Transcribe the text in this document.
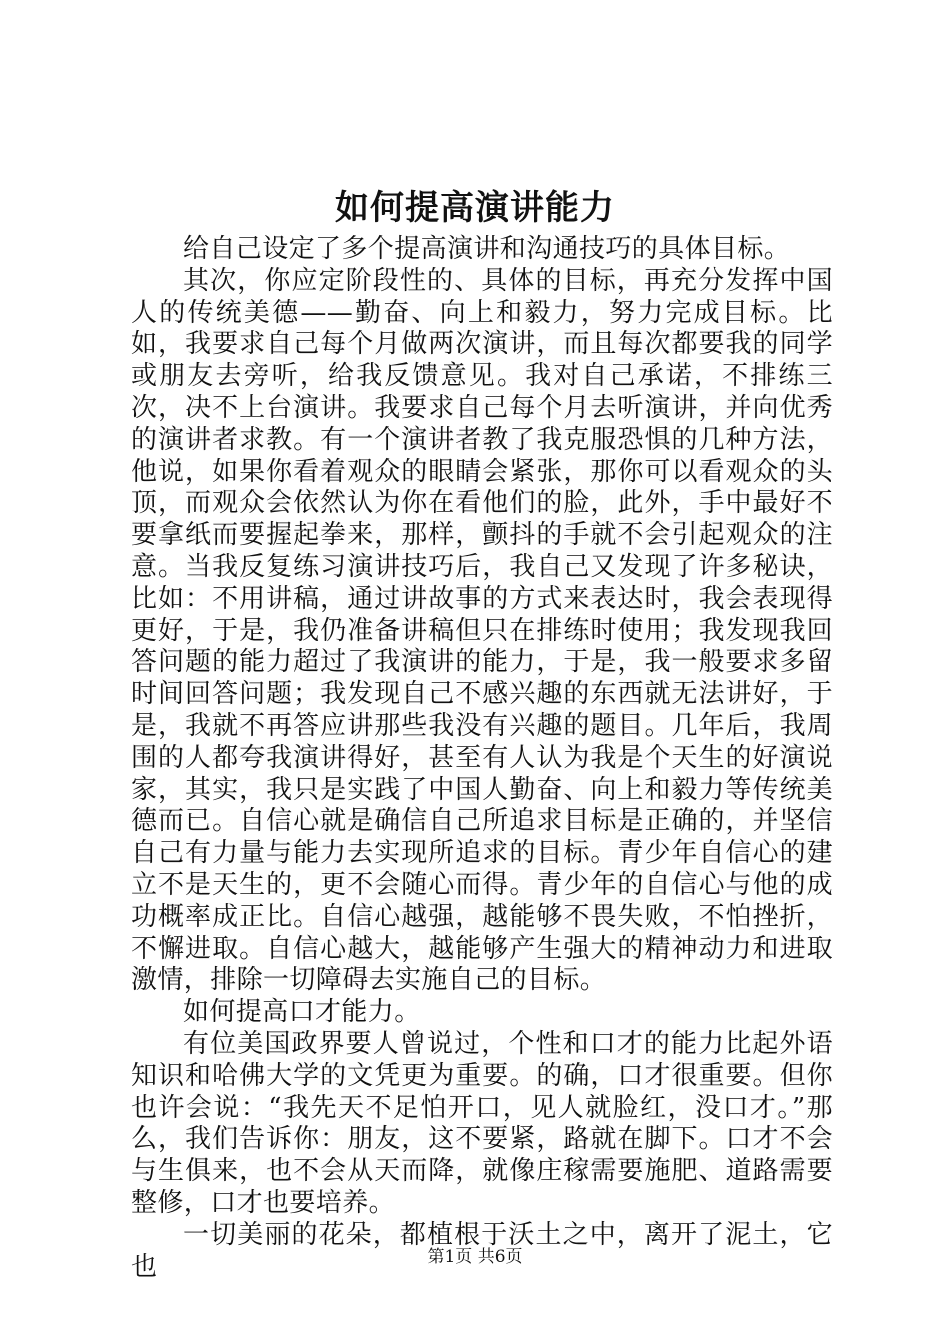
如何提高演讲能力

给自己设定了多个提高演讲和沟通技巧的具体目标。

其次，你应定阶段性的、具体的目标，再充分发挥中国人的传统美德——勤奋、向上和毅力，努力完成目标。比如，我要求自己每个月做两次演讲，而且每次都要我的同学或朋友去旁听，给我反馈意见。我对自己承诺，不排练三次，决不上台演讲。我要求自己每个月去听演讲，并向优秀的演讲者求教。有一个演讲者教了我克服恐惧的几种方法，他说，如果你看着观众的眼睛会紧张，那你可以看观众的头顶，而观众会依然认为你在看他们的脸，此外，手中最好不要拿纸而要握起拳来，那样，颤抖的手就不会引起观众的注意。当我反复练习演讲技巧后，我自己又发现了许多秘诀，比如：不用讲稿，通过讲故事的方式来表达时，我会表现得更好，于是，我仍准备讲稿但只在排练时使用；我发现我回答问题的能力超过了我演讲的能力，于是，我一般要求多留时间回答问题；我发现自己不感兴趣的东西就无法讲好，于是，我就不再答应讲那些我没有兴趣的题目。几年后，我周围的人都夸我演讲得好，甚至有人认为我是个天生的好演说家，其实，我只是实践了中国人勤奋、向上和毅力等传统美德而已。自信心就是确信自己所追求目标是正确的，并坚信自己有力量与能力去实现所追求的目标。青少年自信心的建立不是天生的，更不会随心而得。青少年的自信心与他的成功概率成正比。自信心越强，越能够不畏失败，不怕挫折，不懈进取。自信心越大，越能够产生强大的精神动力和进取激情，排除一切障碍去实施自己的目标。

如何提高口才能力。

有位美国政界要人曾说过，个性和口才的能力比起外语知识和哈佛大学的文凭更为重要。的确，口才很重要。但你也许会说：“我先天不足怕开口，见人就脸红，没口才。”那么，我们告诉你：朋友，这不要紧，路就在脚下。口才不会与生俱来，也不会从天而降，就像庄稼需要施肥、道路需要整修，口才也要培养。

一切美丽的花朵，都植根于沃土之中，离开了泥土，它也	第1页 共6页
